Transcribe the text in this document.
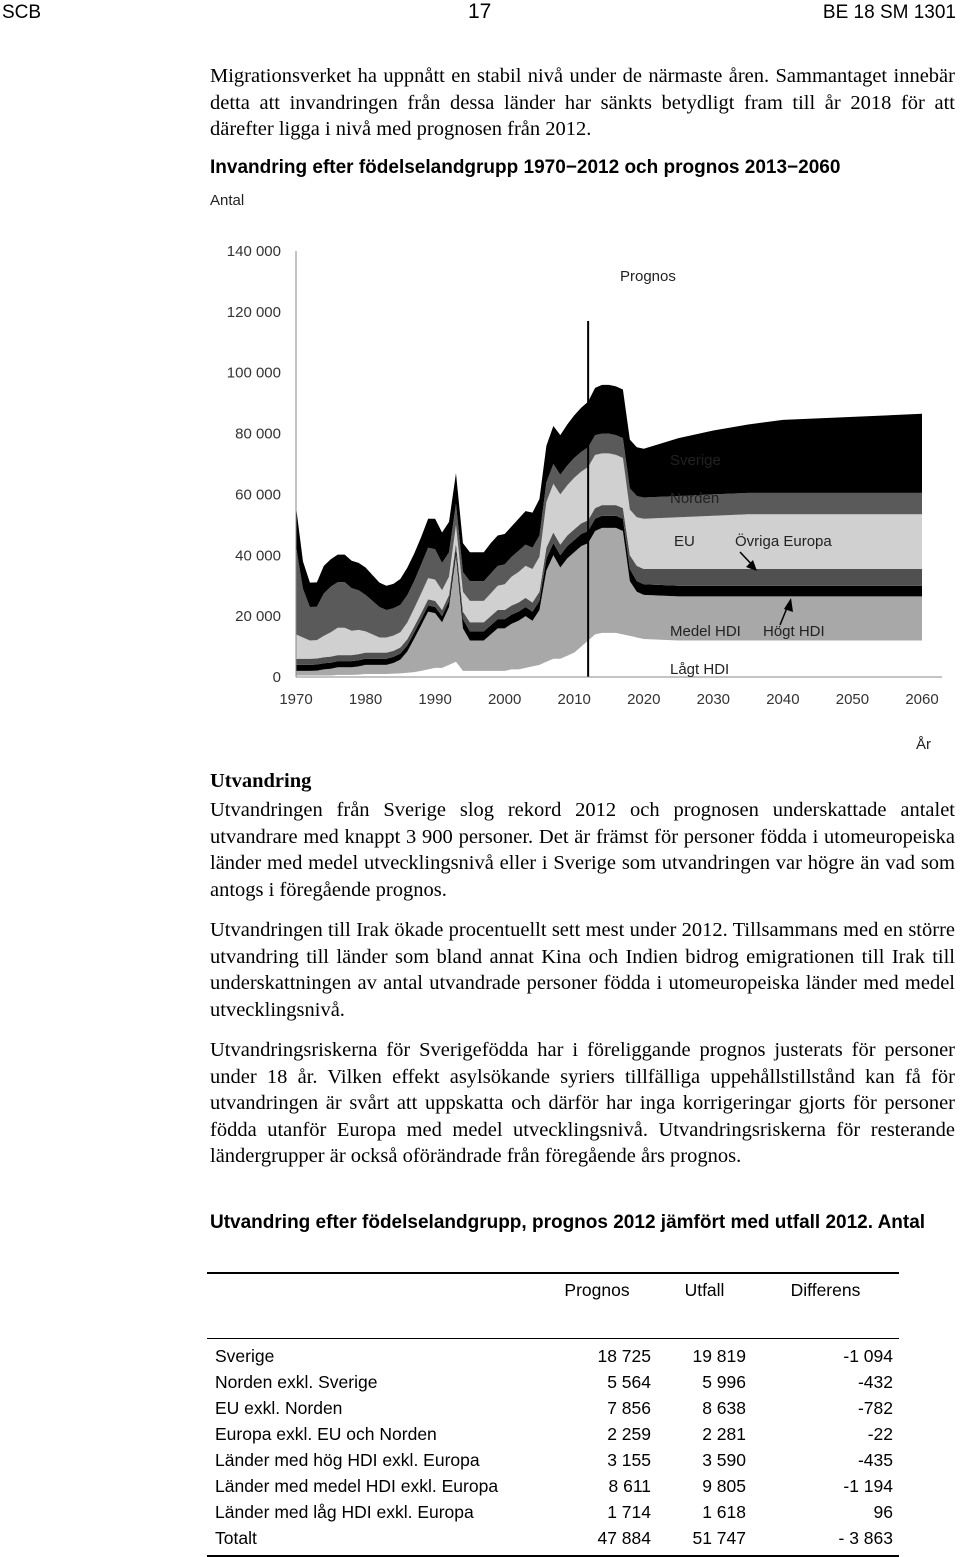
SCB	17	BE 18 SM 1301
Migrationsverket ha uppnått en stabil nivå under de närmaste åren. Sammantaget innebär detta att invandringen från dessa länder har sänkts betydligt fram till år 2018 för att därefter ligga i nivå med prognosen från 2012.
Invandring efter födelselandgrupp 1970−2012 och prognos 2013−2060
Antal
0
20 000
40 000
60 000
80 000
100 000
120 000
140 000
1970 1980 1990 2000 2010 2020 2030 2040 2050 2060
Prognos
Sverige
Norden
EU	Övriga Europa
Medel HDI Högt HDI
Lågt HDI
År
Utvandring
Utvandringen från Sverige slog rekord 2012 och prognosen underskattade antalet utvandrare med knappt 3 900 personer. Det är främst för personer födda i utomeuropeiska länder med medel utvecklingsnivå eller i Sverige som utvandringen var högre än vad som antogs i föregående prognos.
Utvandringen till Irak ökade procentuellt sett mest under 2012. Tillsammans med en större utvandring till länder som bland annat Kina och Indien bidrog emigrationen till Irak till underskattningen av antal utvandrade personer födda i utomeuropeiska länder med medel utvecklingsnivå.
Utvandringsriskerna för Sverigefödda har i föreliggande prognos justerats för personer under 18 år. Vilken effekt asylsökande syriers tillfälliga uppehållstillstånd kan få för utvandringen är svårt att uppskatta och därför har inga korrigeringar gjorts för personer födda utanför Europa med medel utvecklingsnivå. Utvandringsriskerna för resterande ländergrupper är också oförändrade från föregående års prognos.
Utvandring efter födelselandgrupp, prognos 2012 jämfört med utfall 2012. Antal
	Prognos	Utfall	Differens
Sverige	18 725	19 819	-1 094
Norden exkl. Sverige	5 564	5 996	-432
EU exkl. Norden	7 856	8 638	-782
Europa exkl. EU och Norden	2 259	2 281	-22
Länder med hög HDI exkl. Europa	3 155	3 590	-435
Länder med medel HDI exkl. Europa	8 611	9 805	-1 194
Länder med låg HDI exkl. Europa	1 714	1 618	96
Totalt	47 884	51 747	- 3 863
